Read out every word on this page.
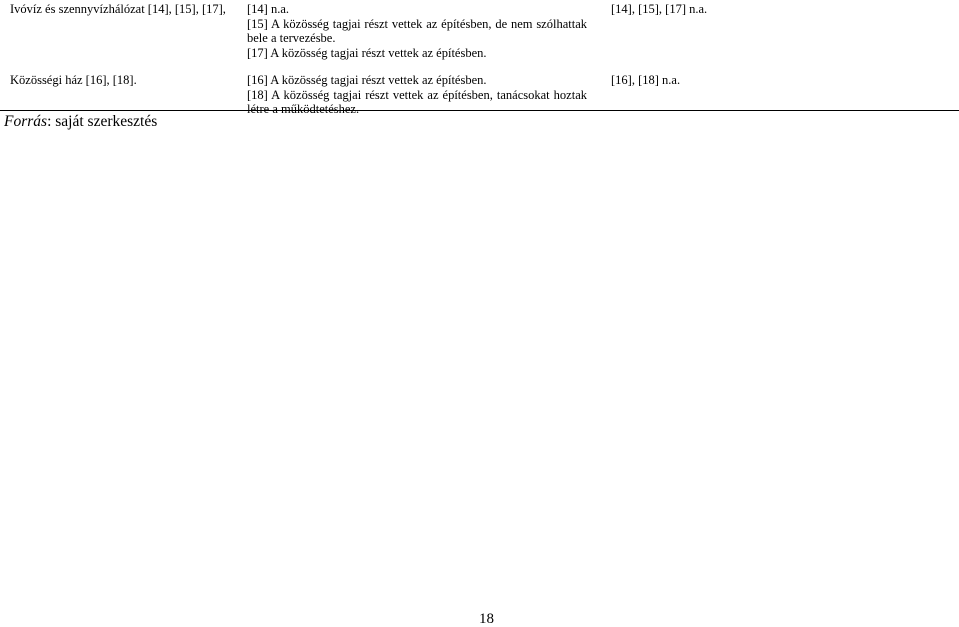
Ivóvíz és szennyvízhálózat [14], [15], [17],	[14] n.a.
[15] A közösség tagjai részt vettek az építésben, de nem szólhattak bele a tervezésbe.
[17] A közösség tagjai részt vettek az építésben.
[14], [15], [17] n.a.
Közösségi ház [16], [18].	[16] A közösség tagjai részt vettek az építésben.
[18] A közösség tagjai részt vettek az építésben, tanácsokat hoztak létre a működtetéshez.
[16], [18] n.a.
Forrás: saját szerkesztés
18
